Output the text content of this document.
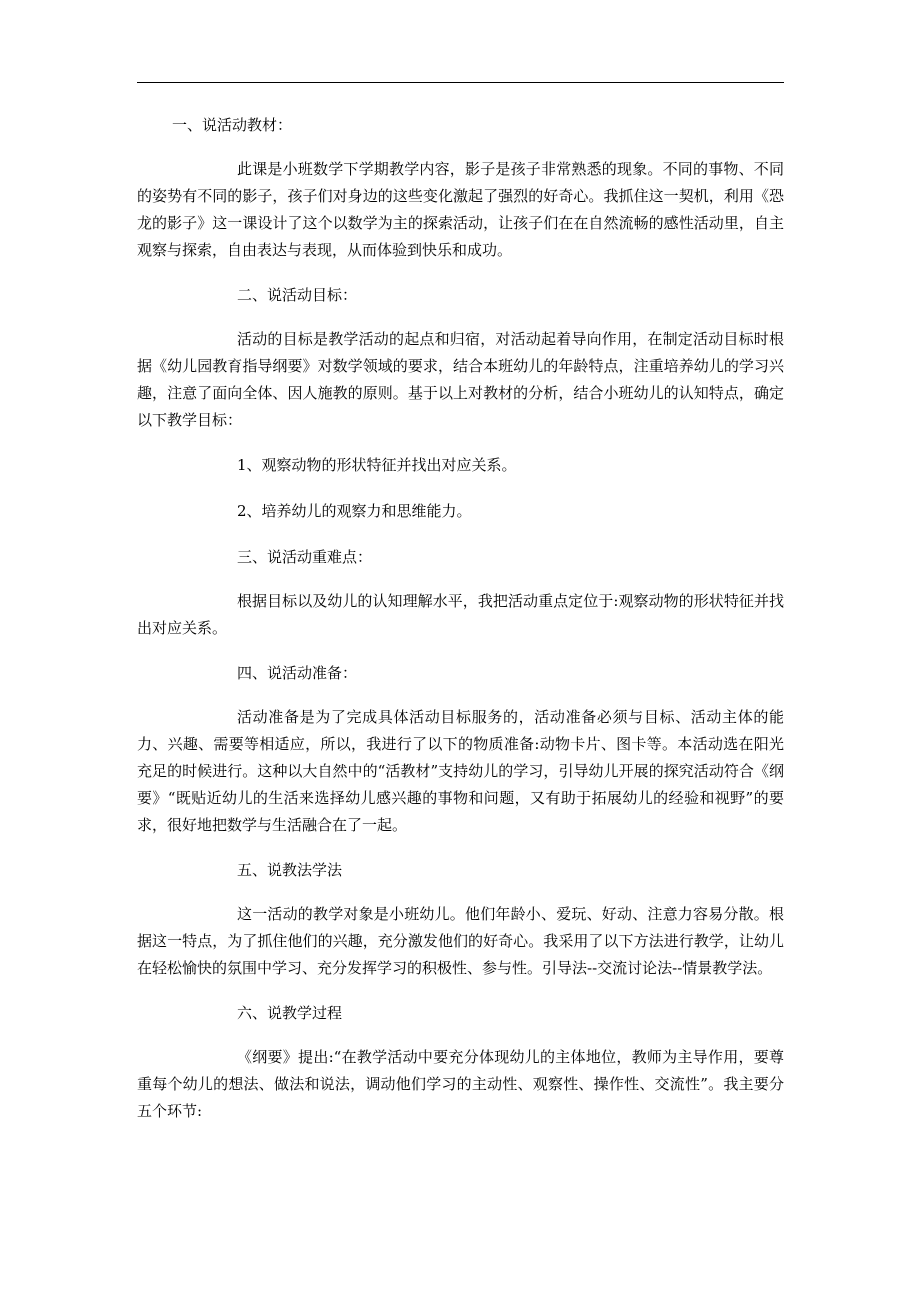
一、说活动教材：

此课是小班数学下学期教学内容，影子是孩子非常熟悉的现象。不同的事物、不同的姿势有不同的影子，孩子们对身边的这些变化激起了强烈的好奇心。我抓住这一契机，利用《恐龙的影子》这一课设计了这个以数学为主的探索活动，让孩子们在在自然流畅的感性活动里，自主观察与探索，自由表达与表现，从而体验到快乐和成功。

二、说活动目标：

活动的目标是教学活动的起点和归宿，对活动起着导向作用，在制定活动目标时根据《幼儿园教育指导纲要》对数学领域的要求，结合本班幼儿的年龄特点，注重培养幼儿的学习兴趣，注意了面向全体、因人施教的原则。基于以上对教材的分析，结合小班幼儿的认知特点，确定以下教学目标：

1、观察动物的形状特征并找出对应关系。
2、培养幼儿的观察力和思维能力。
三、说活动重难点：

根据目标以及幼儿的认知理解水平，我把活动重点定位于:观察动物的形状特征并找出对应关系。

四、说活动准备：

活动准备是为了完成具体活动目标服务的，活动准备必须与目标、活动主体的能力、兴趣、需要等相适应，所以，我进行了以下的物质准备:动物卡片、图卡等。本活动选在阳光充足的时候进行。这种以大自然中的“活教材”支持幼儿的学习，引导幼儿开展的探究活动符合《纲要》“既贴近幼儿的生活来选择幼儿感兴趣的事物和问题，又有助于拓展幼儿的经验和视野”的要求，很好地把数学与生活融合在了一起。

五、说教法学法

这一活动的教学对象是小班幼儿。他们年龄小、爱玩、好动、注意力容易分散。根据这一特点，为了抓住他们的兴趣，充分激发他们的好奇心。我采用了以下方法进行教学，让幼儿在轻松愉快的氛围中学习、充分发挥学习的积极性、参与性。引导法--交流讨论法--情景教学法。

六、说教学过程

《纲要》提出:“在教学活动中要充分体现幼儿的主体地位，教师为主导作用，要尊重每个幼儿的想法、做法和说法，调动他们学习的主动性、观察性、操作性、交流性”。我主要分五个环节:
